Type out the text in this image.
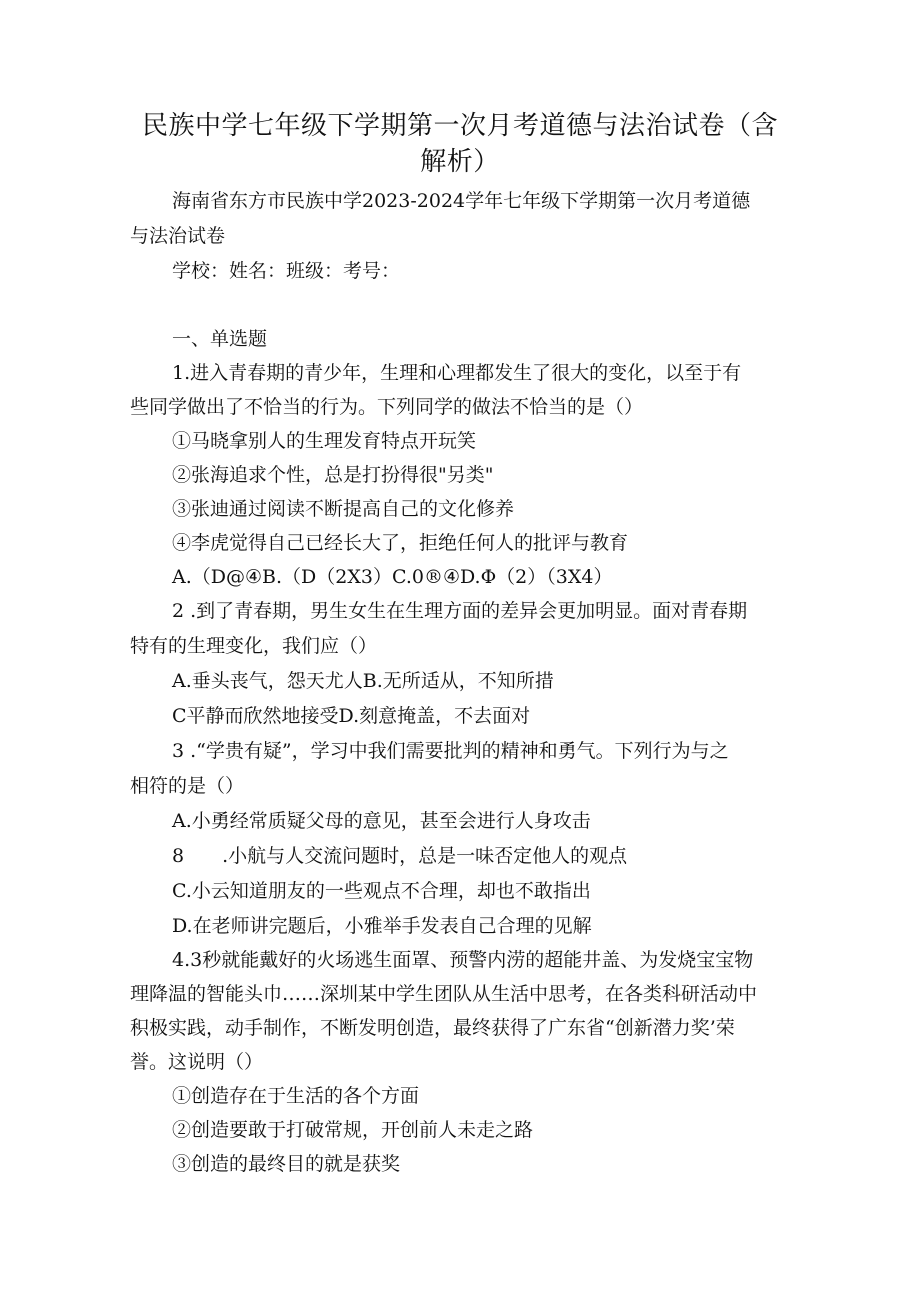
民族中学七年级下学期第一次月考道德与法治试卷（含
解析）

海南省东方市民族中学2023-2024学年七年级下学期第一次月考道德

与法治试卷

学校：姓名：班级：考号：

一、单选题

1.进入青春期的青少年，生理和心理都发生了很大的变化，以至于有

些同学做出了不恰当的行为。下列同学的做法不恰当的是（）

①马晓拿别人的生理发育特点开玩笑

②张海追求个性，总是打扮得很"另类"

③张迪通过阅读不断提高自己的文化修养

④李虎觉得自己已经长大了，拒绝任何人的批评与教育

A.（D@④B.（D（2X3）C.0®④D.Φ（2）（3X4）

2 .到了青春期，男生女生在生理方面的差异会更加明显。面对青春期

特有的生理变化，我们应（）

A.垂头丧气，怨天尤人B.无所适从，不知所措

C平静而欣然地接受D.刻意掩盖，不去面对

3 .“学贵有疑”，学习中我们需要批判的精神和勇气。下列行为与之

相符的是（）

A.小勇经常质疑父母的意见，甚至会进行人身攻击

8　　.小航与人交流问题时，总是一味否定他人的观点

C.小云知道朋友的一些观点不合理，却也不敢指出

D.在老师讲完题后，小雅举手发表自己合理的见解

4.3秒就能戴好的火场逃生面罩、预警内涝的超能井盖、为发烧宝宝物

理降温的智能头巾……深圳某中学生团队从生活中思考，在各类科研活动中

积极实践，动手制作，不断发明创造，最终获得了广东省“创新潜力奖’荣

誉。这说明（）

①创造存在于生活的各个方面

②创造要敢于打破常规，开创前人未走之路

③创造的最终目的就是获奖
